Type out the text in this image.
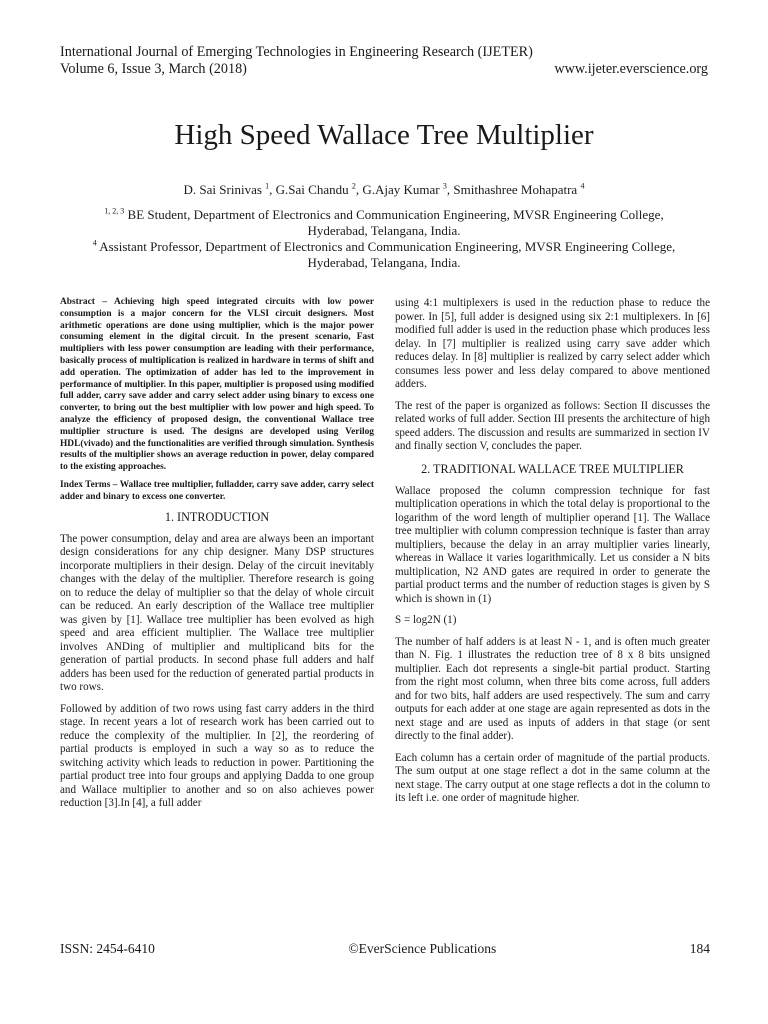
International Journal of Emerging Technologies in Engineering Research (IJETER)
Volume 6, Issue 3, March (2018)	www.ijeter.everscience.org
High Speed Wallace Tree Multiplier
D. Sai Srinivas $^1$, G.Sai Chandu $^2$, G.Ajay Kumar $^3$, Smithashree Mohapatra $^4$

$^{1, 2, 3}$ BE Student, Department of Electronics and Communication Engineering, MVSR Engineering College, Hyderabad, Telangana, India.

$^4$ Assistant Professor, Department of Electronics and Communication Engineering, MVSR Engineering College, Hyderabad, Telangana, India.

Abstract – Achieving high speed integrated circuits with low power consumption is a major concern for the VLSI circuit designers. Most arithmetic operations are done using multiplier, which is the major power consuming element in the digital circuit. In the present scenario, Fast multipliers with less power consumption are leading with their performance, basically process of multiplication is realized in hardware in terms of shift and add operation. The optimization of adder has led to the improvement in performance of multiplier. In this paper, multiplier is proposed using modified full adder, carry save adder and carry select adder using binary to excess one converter, to bring out the best multiplier with low power and high speed. To analyze the efficiency of proposed design, the conventional Wallace tree multiplier structure is used. The designs are developed using Verilog HDL(vivado) and the functionalities are verified through simulation. Synthesis results of the multiplier shows an average reduction in power, delay compared to the existing approaches.

Index Terms – Wallace tree multiplier, fulladder, carry save adder, carry select adder and binary to excess one converter.

1. INTRODUCTION

The power consumption, delay and area are always been an important design considerations for any chip designer. Many DSP structures incorporate multipliers in their design. Delay of the circuit inevitably changes with the delay of the multiplier. Therefore research is going on to reduce the delay of multiplier so that the delay of whole circuit can be reduced. An early description of the Wallace tree multiplier was given by [1]. Wallace tree multiplier has been evolved as high speed and area efficient multiplier. The Wallace tree multiplier involves ANDing of multiplier and multiplicand bits for the generation of partial products. In second phase full adders and half adders has been used for the reduction of generated partial products in two rows.

Followed by addition of two rows using fast carry adders in the third stage. In recent years a lot of research work has been carried out to reduce the complexity of the multiplier. In [2], the reordering of partial products is employed in such a way so as to reduce the switching activity which leads to reduction in power. Partitioning the partial product tree into four groups and applying Dadda to one group and Wallace multiplier to another and so on also achieves power reduction [3].In [4], a full adder

using 4:1 multiplexers is used in the reduction phase to reduce the power. In [5], full adder is designed using six 2:1 multiplexers. In [6] modified full adder is used in the reduction phase which produces less delay. In [7] multiplier is realized using carry save adder which reduces delay. In [8] multiplier is realized by carry select adder which consumes less power and less delay compared to above mentioned adders.

The rest of the paper is organized as follows: Section II discusses the related works of full adder. Section III presents the architecture of high speed adders. The discussion and results are summarized in section IV and finally section V, concludes the paper.

2. TRADITIONAL WALLACE TREE MULTIPLIER

Wallace proposed the column compression technique for fast multiplication operations in which the total delay is proportional to the logarithm of the word length of multiplier operand [1]. The Wallace tree multiplier with column compression technique is faster than array multipliers, because the delay in an array multiplier varies linearly, whereas in Wallace it varies logarithmically. Let us consider a N bits multiplication, N2 AND gates are required in order to generate the partial product terms and the number of reduction stages is given by S which is shown in (1)

S = log2N (1)

The number of half adders is at least N - 1, and is often much greater than N. Fig. 1 illustrates the reduction tree of 8 x 8 bits unsigned multiplier. Each dot represents a single-bit partial product. Starting from the right most column, when three bits come across, full adders and for two bits, half adders are used respectively. The sum and carry outputs for each adder at one stage are again represented as dots in the next stage and are used as inputs of adders in that stage (or sent directly to the final adder).

Each column has a certain order of magnitude of the partial products. The sum output at one stage reflect a dot in the same column at the next stage. The carry output at one stage reflects a dot in the column to its left i.e. one order of magnitude higher.

ISSN: 2454-6410	©EverScience Publications	184
